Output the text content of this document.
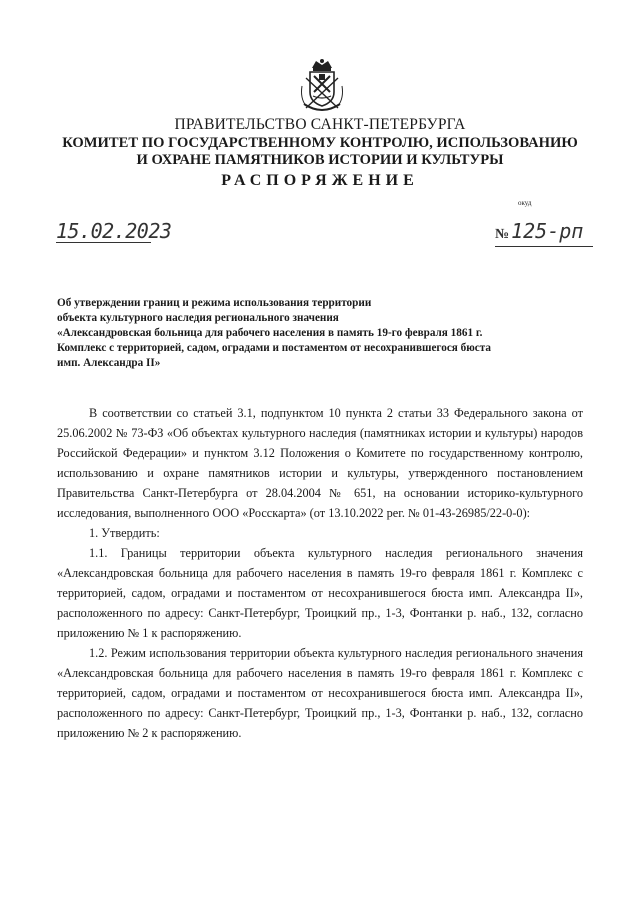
ПРАВИТЕЛЬСТВО САНКТ-ПЕТЕРБУРГА
КОМИТЕТ ПО ГОСУДАРСТВЕННОМУ КОНТРОЛЮ, ИСПОЛЬЗОВАНИЮ
И ОХРАНЕ ПАМЯТНИКОВ ИСТОРИИ И КУЛЬТУРЫ
РАСПОРЯЖЕНИЕ
окуд
15.02.2023	№ 125-рп
Об утверждении границ и режима использования территории
объекта культурного наследия регионального значения
«Александровская больница для рабочего населения в память 19-го февраля 1861 г.
Комплекс с территорией, садом, оградами и постаментом от несохранившегося бюста
имп. Александра II»

В соответствии со статьей 3.1, подпунктом 10 пункта 2 статьи 33 Федерального закона от 25.06.2002 № 73-ФЗ «Об объектах культурного наследия (памятниках истории и культуры) народов Российской Федерации» и пунктом 3.12 Положения о Комитете по государственному контролю, использованию и охране памятников истории и культуры, утвержденного постановлением Правительства Санкт-Петербурга от 28.04.2004 № 651, на основании историко-культурного исследования, выполненного ООО «Росскарта» (от 13.10.2022 рег. № 01-43-26985/22-0-0):

1. Утвердить:

1.1. Границы территории объекта культурного наследия регионального значения «Александровская больница для рабочего населения в память 19-го февраля 1861 г. Комплекс с территорией, садом, оградами и постаментом от несохранившегося бюста имп. Александра II», расположенного по адресу: Санкт-Петербург, Троицкий пр., 1-3, Фонтанки р. наб., 132, согласно приложению № 1 к распоряжению.

1.2. Режим использования территории объекта культурного наследия регионального значения «Александровская больница для рабочего населения в память 19-го февраля 1861 г. Комплекс с территорией, садом, оградами и постаментом от несохранившегося бюста имп. Александра II», расположенного по адресу: Санкт-Петербург, Троицкий пр., 1-3, Фонтанки р. наб., 132, согласно приложению № 2 к распоряжению.
